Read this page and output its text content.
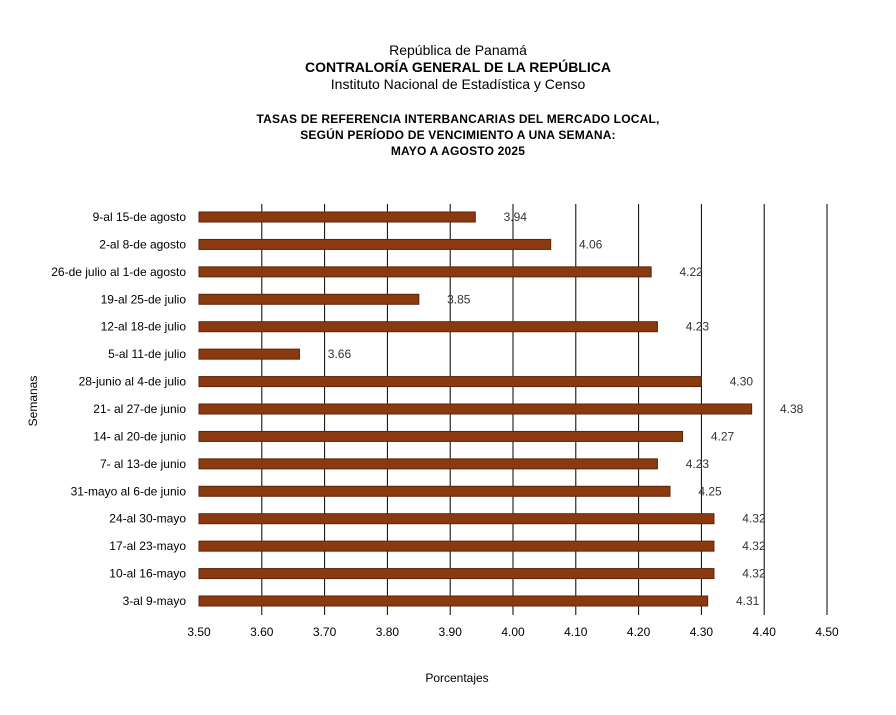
República de Panamá
CONTRALORÍA GENERAL DE LA REPÚBLICA
Instituto Nacional de Estadística y Censo
TASAS DE REFERENCIA INTERBANCARIAS DEL MERCADO LOCAL,
SEGÚN PERÍODO DE VENCIMIENTO A UNA SEMANA:
MAYO A AGOSTO 2025
3.94
4.06
4.22
3.85
4.23
3.66
4.30
4.38
4.27
4.23
4.25
4.32
4.32
4.32
4.31
9-al 15-de agosto
2-al 8-de agosto
26-de julio al 1-de agosto
19-al 25-de julio
12-al 18-de julio
5-al 11-de julio
28-junio al 4-de julio
21- al 27-de junio
14- al 20-de junio
7- al 13-de junio
31-mayo al 6-de junio
24-al 30-mayo
17-al 23-mayo
10-al 16-mayo
3-al 9-mayo
3.50	3.60	3.70	3.80	3.90	4.00	4.10	4.20	4.30	4.40	4.50
Porcentajes
Semanas
